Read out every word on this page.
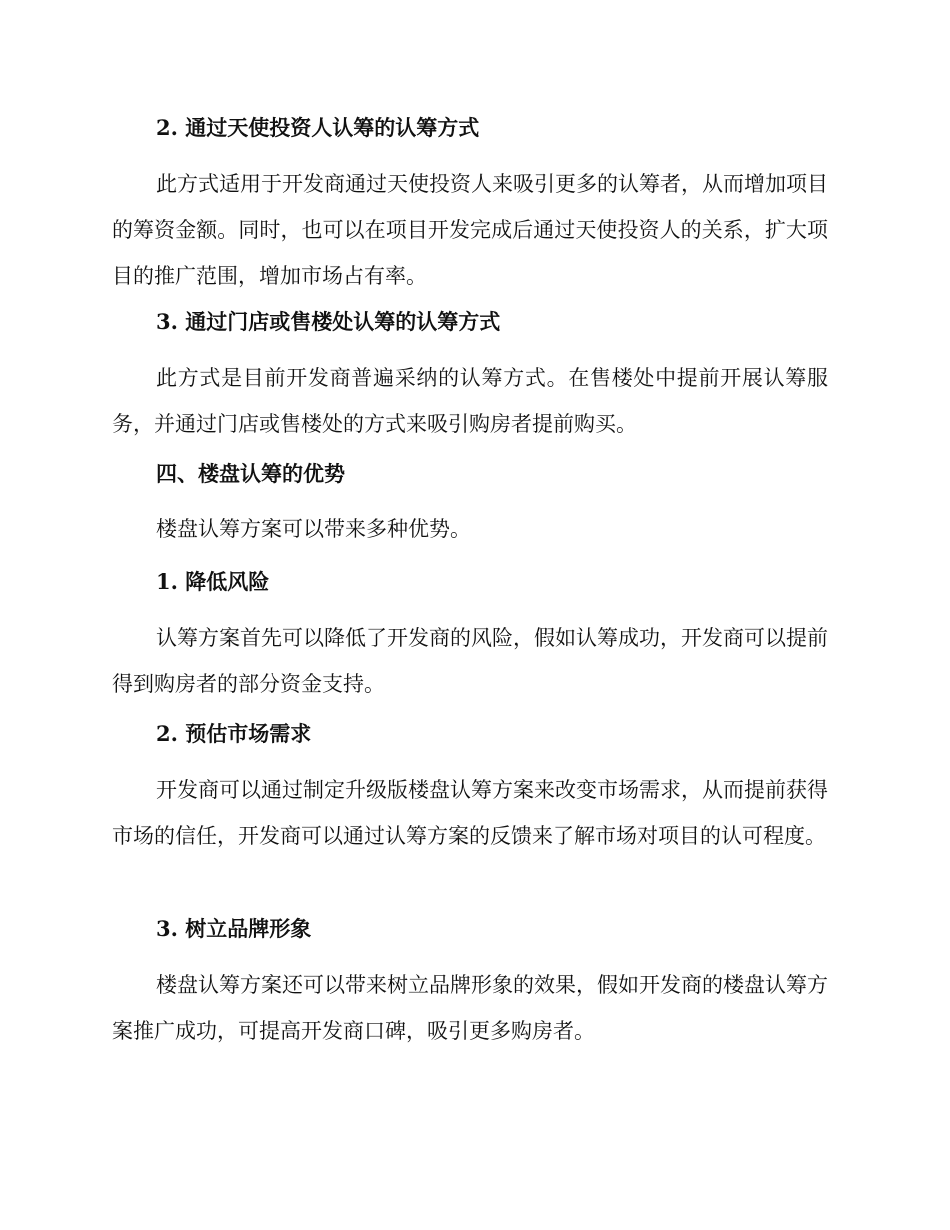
2. 通过天使投资人认筹的认筹方式

此方式适用于开发商通过天使投资人来吸引更多的认筹者，从而增加项目的筹资金额。同时，也可以在项目开发完成后通过天使投资人的关系，扩大项目的推广范围，增加市场占有率。

3. 通过门店或售楼处认筹的认筹方式

此方式是目前开发商普遍采纳的认筹方式。在售楼处中提前开展认筹服务，并通过门店或售楼处的方式来吸引购房者提前购买。

四、楼盘认筹的优势

楼盘认筹方案可以带来多种优势。

1. 降低风险

认筹方案首先可以降低了开发商的风险，假如认筹成功，开发商可以提前得到购房者的部分资金支持。

2. 预估市场需求

开发商可以通过制定升级版楼盘认筹方案来改变市场需求，从而提前获得市场的信任，开发商可以通过认筹方案的反馈来了解市场对项目的认可程度。

3. 树立品牌形象

楼盘认筹方案还可以带来树立品牌形象的效果，假如开发商的楼盘认筹方案推广成功，可提高开发商口碑，吸引更多购房者。
